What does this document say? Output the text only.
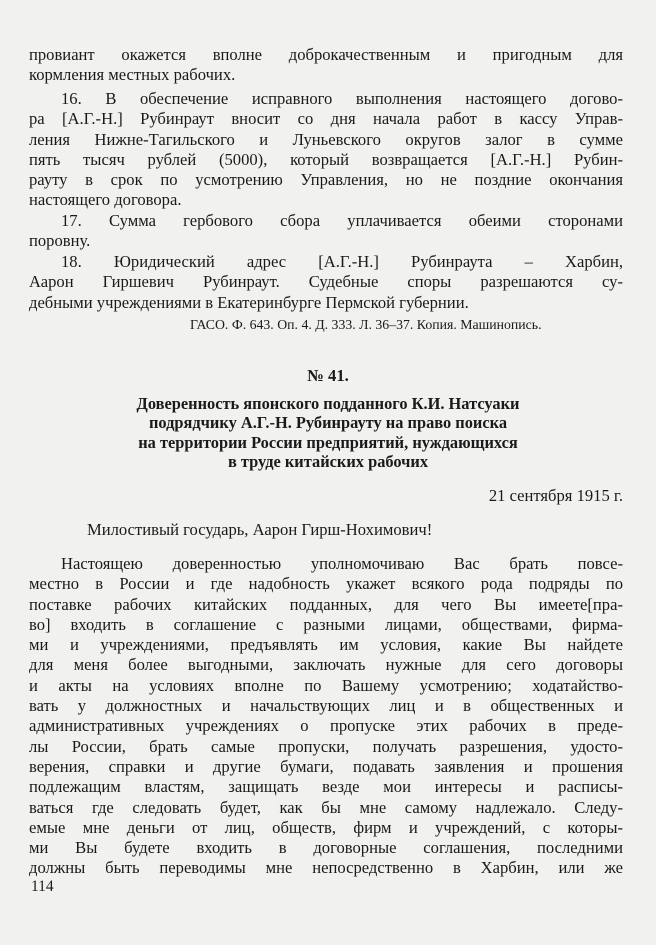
провиант окажется вполне доброкачественным и пригодным для
кормления местных рабочих.
16. В обеспечение исправного выполнения настоящего догово-
ра [А.Г.-Н.] Рубинраут вносит со дня начала работ в кассу Управ-
ления Нижне-Тагильского и Луньевского округов залог в сумме
пять тысяч рублей (5000), который возвращается [А.Г.-Н.] Рубин-
рауту в срок по усмотрению Управления, но не поздние окончания
настоящего договора.
17. Сумма гербового сбора уплачивается обеими сторонами
поровну.
18. Юридический адрес [А.Г.-Н.] Рубинраута – Харбин,
Аарон Гиршевич Рубинраут. Судебные споры разрешаются су-
дебными учреждениями в Екатеринбурге Пермской губернии.
ГАСО. Ф. 643. Оп. 4. Д. 333. Л. 36–37. Копия. Машинопись.
№ 41.
Доверенность японского подданного К.И. Натсуаки
подрядчику А.Г.-Н. Рубинрауту на право поиска
на территории России предприятий, нуждающихся
в труде китайских рабочих
21 сентября 1915 г.
Милостивый государь, Аарон Гирш-Нохимович!
Настоящею доверенностью уполномочиваю Вас брать повсе-
местно в России и где надобность укажет всякого рода подряды по
поставке рабочих китайских подданных, для чего Вы имеете[пра-
во] входить в соглашение с разными лицами, обществами, фирма-
ми и учреждениями, предъявлять им условия, какие Вы найдете
для меня более выгодными, заключать нужные для сего договоры
и акты на условиях вполне по Вашему усмотрению; ходатайство-
вать у должностных и начальствующих лиц и в общественных и
административных учреждениях о пропуске этих рабочих в преде-
лы России, брать самые пропуски, получать разрешения, удосто-
верения, справки и другие бумаги, подавать заявления и прошения
подлежащим властям, защищать везде мои интересы и расписы-
ваться где следовать будет, как бы мне самому надлежало. Следу-
емые мне деньги от лиц, обществ, фирм и учреждений, с которы-
ми Вы будете входить в договорные соглашения, последними
должны быть переводимы мне непосредственно в Харбин, или же
114
